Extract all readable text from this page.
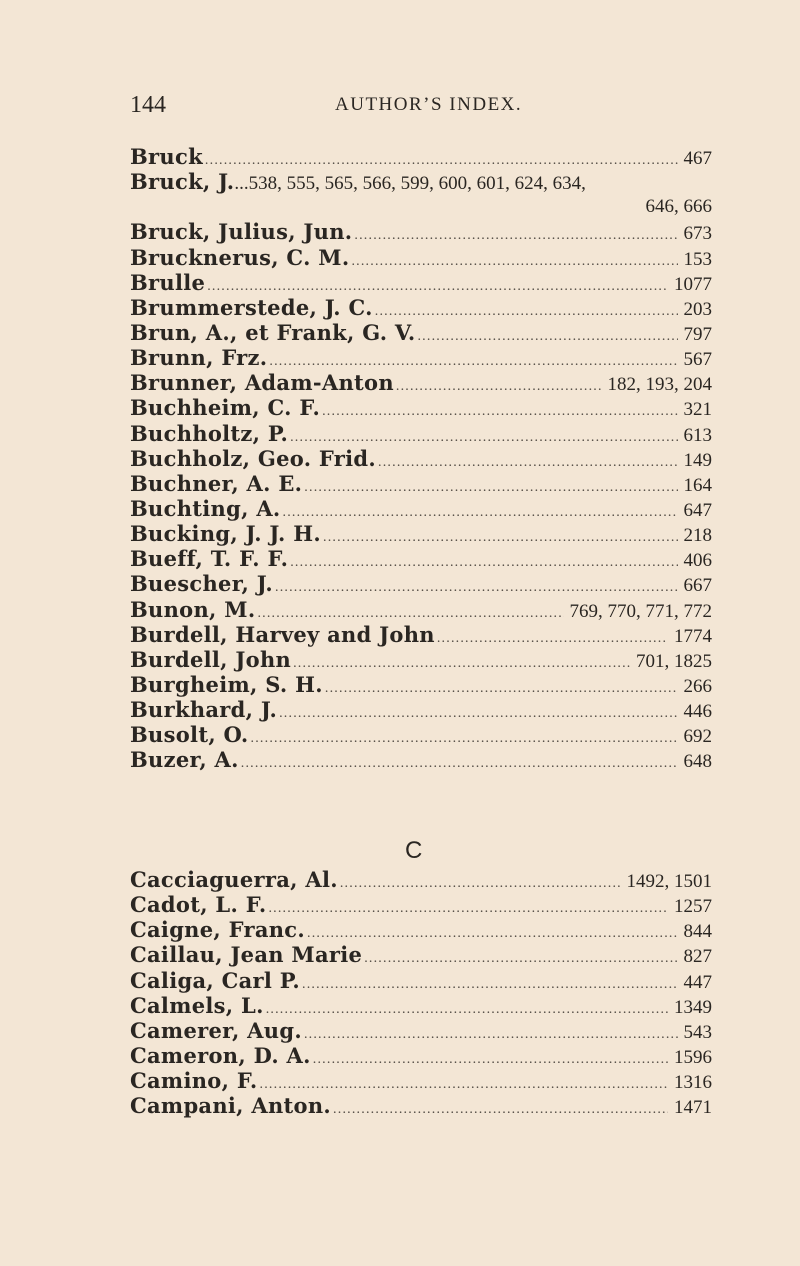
144	AUTHOR’S INDEX.
Bruck .....	467
Bruck, J....538, 555, 565, 566, 599, 600, 601, 624, 634,
646, 666
Bruck, Julius, Jun. .....	673
Brucknerus, C. M. .....	153
Brulle .....	1077
Brummerstede, J. C. .....	203
Brun, A., et Frank, G. V. .....	797
Brunn, Frz. .....	567
Brunner, Adam-Anton .....	182, 193, 204
Buchheim, C. F. .....	321
Buchholtz, P. .....	613
Buchholz, Geo. Frid. .....	149
Buchner, A. E. .....	164
Buchting, A. .....	647
Bucking, J. J. H. .....	218
Bueff, T. F. F. .....	406
Buescher, J. .....	667
Bunon, M. .....	769, 770, 771, 772
Burdell, Harvey and John .....	1774
Burdell, John .....	701, 1825
Burgheim, S. H. .....	266
Burkhard, J. .....	446
Busolt, O. .....	692
Buzer, A. .....	648
C
Cacciaguerra, Al. .....	1492, 1501
Cadot, L. F. .....	1257
Caigne, Franc. .....	844
Caillau, Jean Marie .....	827
Caliga, Carl P. .....	447
Calmels, L. .....	1349
Camerer, Aug. .....	543
Cameron, D. A. .....	1596
Camino, F. .....	1316
Campani, Anton. .....	1471
